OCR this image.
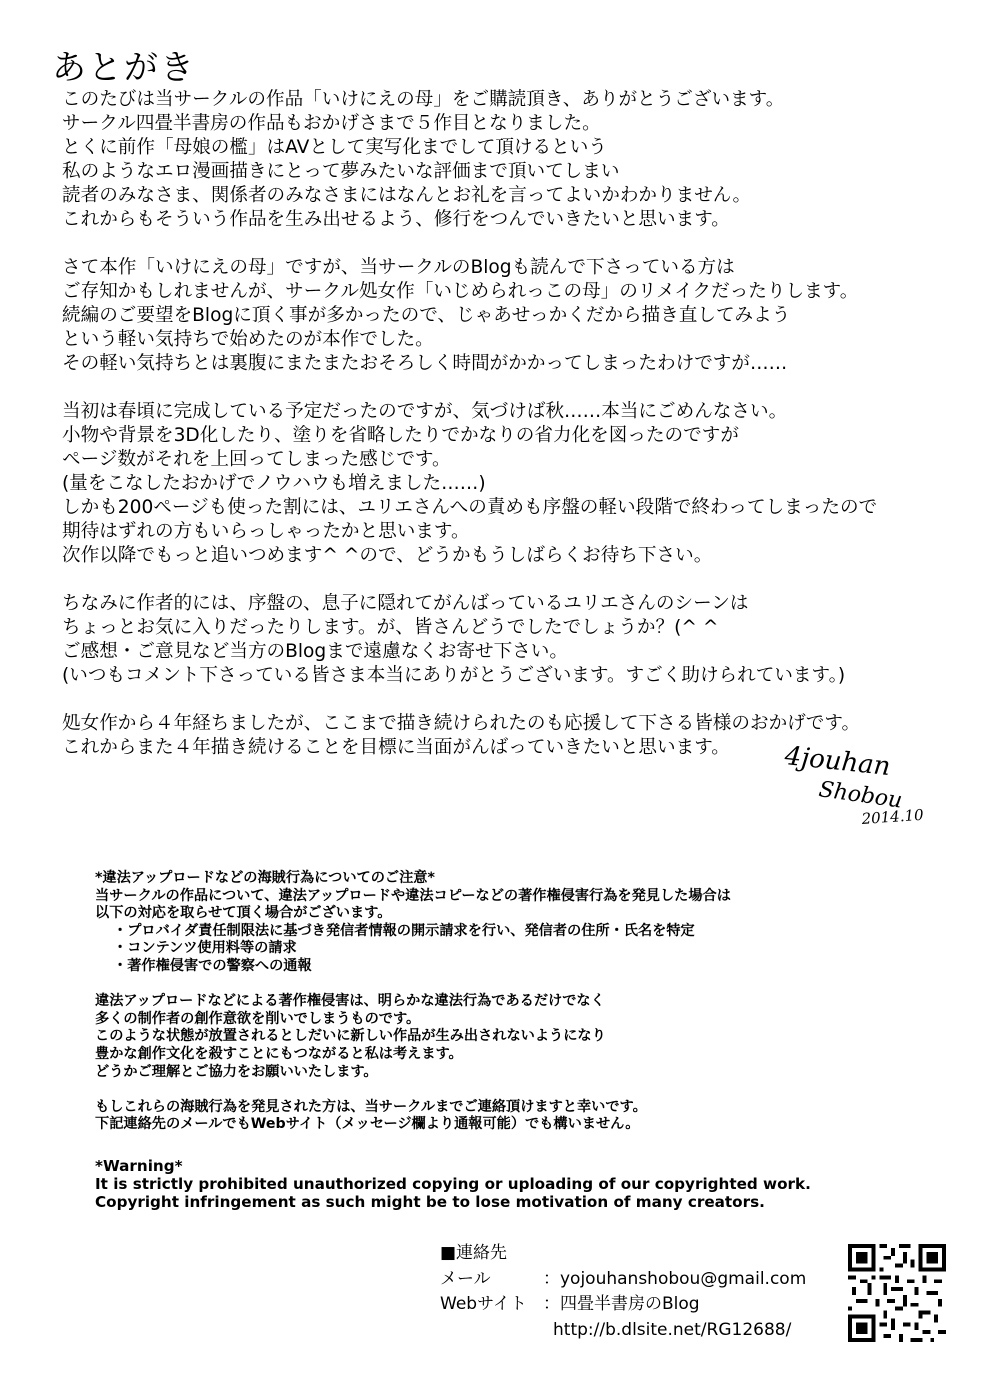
あとがき
このたびは当サークルの作品「いけにえの母」をご購読頂き、ありがとうございます。
サークル四畳半書房の作品もおかげさまで５作目となりました。
とくに前作「母娘の檻」はAVとして実写化までして頂けるという
私のようなエロ漫画描きにとって夢みたいな評価まで頂いてしまい
読者のみなさま、関係者のみなさまにはなんとお礼を言ってよいかわかりません。
これからもそういう作品を生み出せるよう、修行をつんでいきたいと思います。
さて本作「いけにえの母」ですが、当サークルのBlogも読んで下さっている方は
ご存知かもしれませんが、サークル処女作「いじめられっこの母」のリメイクだったりします。
続編のご要望をBlogに頂く事が多かったので、じゃあせっかくだから描き直してみよう
という軽い気持ちで始めたのが本作でした。
その軽い気持ちとは裏腹にまたまたおそろしく時間がかかってしまったわけですが……
当初は春頃に完成している予定だったのですが、気づけば秋……本当にごめんなさい。
小物や背景を3D化したり、塗りを省略したりでかなりの省力化を図ったのですが
ページ数がそれを上回ってしまった感じです。
(量をこなしたおかげでノウハウも増えました……)
しかも200ページも使った割には、ユリエさんへの責めも序盤の軽い段階で終わってしまったので
期待はずれの方もいらっしゃったかと思います。
次作以降でもっと追いつめます^ ^ので、どうかもうしばらくお待ち下さい。
ちなみに作者的には、序盤の、息子に隠れてがんばっているユリエさんのシーンは
ちょっとお気に入りだったりします。が、皆さんどうでしたでしょうか？(^ ^
ご感想・ご意見など当方のBlogまで遠慮なくお寄せ下さい。
(いつもコメント下さっている皆さま本当にありがとうございます。すごく助けられています。)
処女作から４年経ちましたが、ここまで描き続けられたのも応援して下さる皆様のおかげです。
これからまた４年描き続けることを目標に当面がんばっていきたいと思います。	4jouhan
Shobou
2014.10
*違法アップロードなどの海賊行為についてのご注意*
当サークルの作品について、違法アップロードや違法コピーなどの著作権侵害行為を発見した場合は
以下の対応を取らせて頂く場合がございます。
・プロバイダ責任制限法に基づき発信者情報の開示請求を行い、発信者の住所・氏名を特定
・コンテンツ使用料等の請求
・著作権侵害での警察への通報
違法アップロードなどによる著作権侵害は、明らかな違法行為であるだけでなく
多くの制作者の創作意欲を削いでしまうものです。
このような状態が放置されるとしだいに新しい作品が生み出されないようになり
豊かな創作文化を殺すことにもつながると私は考えます。
どうかご理解とご協力をお願いいたします。
もしこれらの海賊行為を発見された方は、当サークルまでご連絡頂けますと幸いです。
下記連絡先のメールでもWebサイト（メッセージ欄より通報可能）でも構いません。
*Warning*
It is strictly prohibited unauthorized copying or uploading of our copyrighted work.
Copyright infringement as such might be to lose motivation of many creators.
■連絡先
メール	：yojouhanshobou@gmail.com
Webサイト ：四畳半書房のBlog
http://b.dlsite.net/RG12688/
